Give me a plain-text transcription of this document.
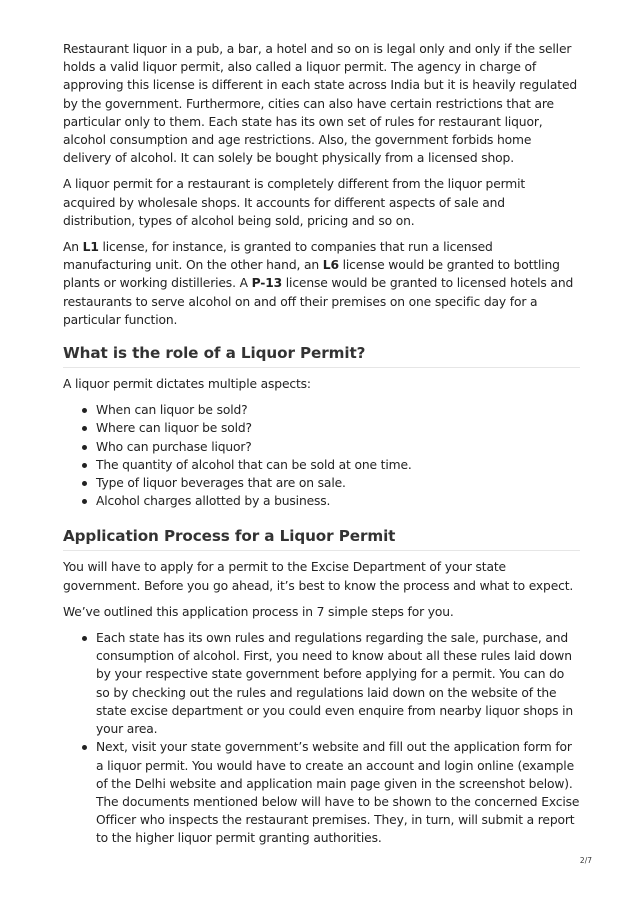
Restaurant liquor in a pub, a bar, a hotel and so on is legal only and only if the seller holds a valid liquor permit, also called a liquor permit. The agency in charge of approving this license is different in each state across India but it is heavily regulated by the government. Furthermore, cities can also have certain restrictions that are particular only to them. Each state has its own set of rules for restaurant liquor, alcohol consumption and age restrictions. Also, the government forbids home delivery of alcohol. It can solely be bought physically from a licensed shop.

A liquor permit for a restaurant is completely different from the liquor permit acquired by wholesale shops. It accounts for different aspects of sale and distribution, types of alcohol being sold, pricing and so on.

An L1 license, for instance, is granted to companies that run a licensed manufacturing unit. On the other hand, an L6 license would be granted to bottling plants or working distilleries. A P-13 license would be granted to licensed hotels and restaurants to serve alcohol on and off their premises on one specific day for a particular function.

What is the role of a Liquor Permit?

A liquor permit dictates multiple aspects:

When can liquor be sold?
Where can liquor be sold?
Who can purchase liquor?
The quantity of alcohol that can be sold at one time.
Type of liquor beverages that are on sale.
Alcohol charges allotted by a business.
Application Process for a Liquor Permit

You will have to apply for a permit to the Excise Department of your state government. Before you go ahead, it’s best to know the process and what to expect.

We’ve outlined this application process in 7 simple steps for you.

Each state has its own rules and regulations regarding the sale, purchase, and consumption of alcohol. First, you need to know about all these rules laid down by your respective state government before applying for a permit. You can do so by checking out the rules and regulations laid down on the website of the state excise department or you could even enquire from nearby liquor shops in your area.
Next, visit your state government’s website and fill out the application form for a liquor permit. You would have to create an account and login online (example of the Delhi website and application main page given in the screenshot below). The documents mentioned below will have to be shown to the concerned Excise Officer who inspects the restaurant premises. They, in turn, will submit a report to the higher liquor permit granting authorities.
2/7
